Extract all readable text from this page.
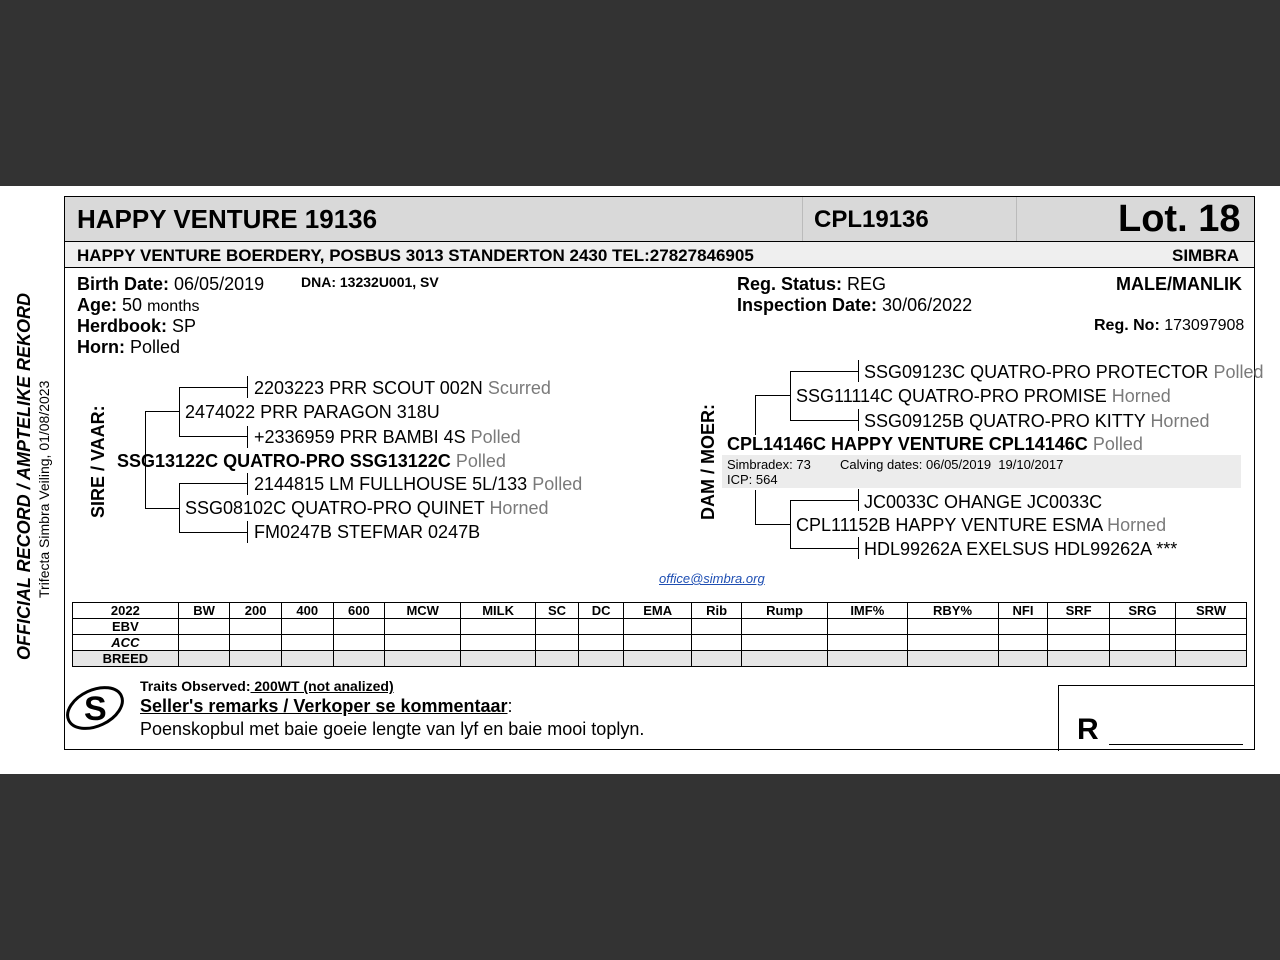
OFFICIAL RECORD / AMPTELIKE REKORD Trifecta Simbra Veiling, 01/08/2023
HAPPY VENTURE 19136	CPL19136	Lot. 18
HAPPY VENTURE BOERDERY, POSBUS 3013 STANDERTON 2430 TEL:27827846905	SIMBRA
Birth Date: 06/05/2019	DNA: 13232U001, SV
Age: 50 months
Herdbook: SP
Horn: Polled
Reg. Status: REG
Inspection Date: 30/06/2022
MALE/MANLIK
Reg. No: 173097908
SIRE / VAAR:
2203223 PRR SCOUT 002N Scurred
2474022 PRR PARAGON 318U
+2336959 PRR BAMBI 4S Polled
SSG13122C QUATRO-PRO SSG13122C Polled
2144815 LM FULLHOUSE 5L/133 Polled
SSG08102C QUATRO-PRO QUINET Horned
FM0247B STEFMAR 0247B
DAM / MOER:
SSG09123C QUATRO-PRO PROTECTOR Polled
SSG11114C QUATRO-PRO PROMISE Horned
SSG09125B QUATRO-PRO KITTY Horned
CPL14146C HAPPY VENTURE CPL14146C Polled
Simbradex: 73 Calving dates: 06/05/2019  19/10/2017
ICP: 564
JC0033C OHANGE JC0033C
CPL11152B HAPPY VENTURE ESMA Horned
HDL99262A EXELSUS HDL99262A ***
office@simbra.org
2022	BW	200	400	600	MCW	MILK	SC	DC	EMA	Rib	Rump	IMF%	RBY%	NFI	SRF	SRG	SRW
EBV																	
ACC																	
BREED																	
S
Traits Observed: 200WT (not analized)
Seller's remarks / Verkoper se kommentaar:
Poenskopbul met baie goeie lengte van lyf en baie mooi toplyn.	R
